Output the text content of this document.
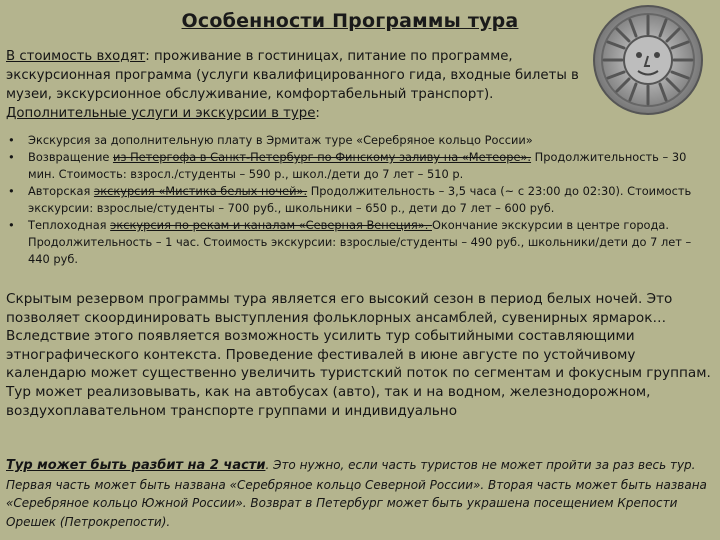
Особенности Программы тура
В стоимость входят: проживание в гостиницах, питание по программе, экскурсионная программа (услуги квалифицированного гида, входные билеты в музеи, экскурсионное обслуживание, комфортабельный транспорт).
Дополнительные услуги и экскурсии в туре:
• Экскурсия за дополнительную плату в Эрмитаж туре «Серебряное кольцо России»
• Возвращение из Петергофа в Санкт-Петербург по Финскому заливу на «Метеоре». Продолжительность – 30 мин. Стоимость: взросл./студенты – 590 р., школ./дети до 7 лет – 510 р.
• Авторская экскурсия «Мистика белых ночей». Продолжительность – 3,5 часа (~ с 23:00 до 02:30). Стоимость экскурсии: взрослые/студенты – 700 руб., школьники – 650 р., дети до 7 лет – 600 руб.
• Теплоходная экскурсия по рекам и каналам «Северная Венеция». Окончание экскурсии в центре города. Продолжительность – 1 час. Стоимость экскурсии: взрослые/студенты – 490 руб., школьники/дети до 7 лет – 440 руб.
Скрытым резервом программы тура является его высокий сезон в период белых ночей. Это позволяет скоординировать выступления фольклорных ансамблей, сувенирных ярмарок… Вследствие этого появляется возможность усилить тур событийными составляющими этнографического контекста. Проведение фестивалей в июне августе по устойчивому календарю может существенно увеличить туристский поток по сегментам и фокусным группам.
Тур может реализовывать, как на автобусах (авто), так и на водном, железнодорожном, воздухоплавательном транспорте группами и индивидуально
Тур может быть разбит на 2 части. Это нужно, если часть туристов не может пройти за раз весь тур. Первая часть может быть названа «Серебряное кольцо Северной России». Вторая часть может быть названа «Серебряное кольцо Южной России». Возврат в Петербург может быть украшена посещением Крепости Орешек (Петрокрепости).
